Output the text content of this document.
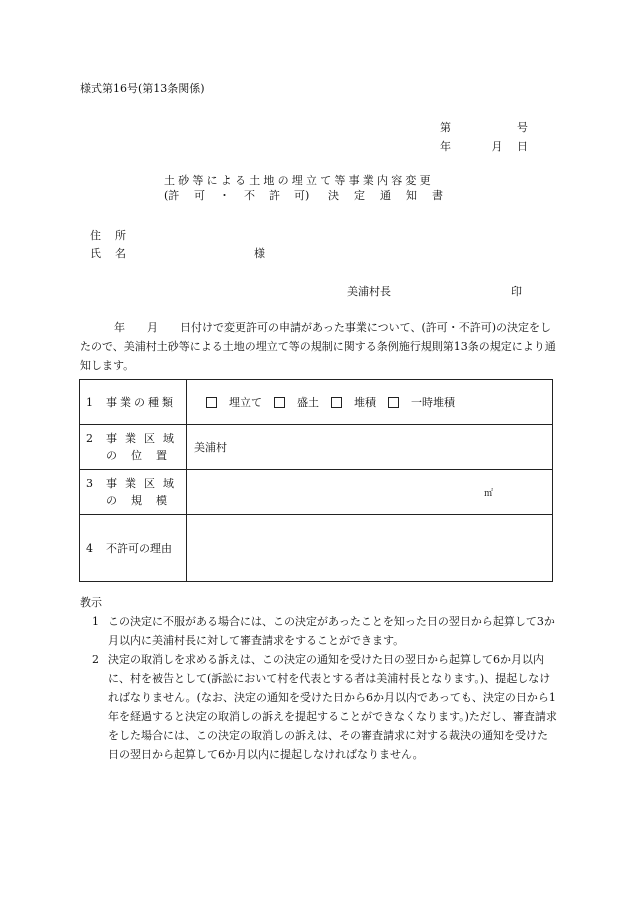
様式第16号(第13条関係)
第	号
年	月 日
土砂等による土地の埋立て等事業内容変更
(許 可 ・ 不 許 可) 決 定 通 知 書
住所
氏名	様
美浦村長	印
年 月 日付けで変更許可の申請があった事業について、(許可・不許可)の決定をしたので、美浦村土砂等による土地の埋立て等の規制に関する条例施行規則第13条の規定により通知します。
1 事業の種類	埋立て 盛土 堆積 一時堆積

2 事業区域
の位置	美浦村

3 事業区域
の規模	㎡

4 不許可の理由	

教示
1 この決定に不服がある場合には、この決定があったことを知った日の翌日から起算して3か月以内に美浦村長に対して審査請求をすることができます。
2 決定の取消しを求める訴えは、この決定の通知を受けた日の翌日から起算して6か月以内に、村を被告として(訴訟において村を代表とする者は美浦村長となります。)、提起しなければなりません。(なお、決定の通知を受けた日から6か月以内であっても、決定の日から1年を経過すると決定の取消しの訴えを提起することができなくなります。)ただし、審査請求をした場合には、この決定の取消しの訴えは、その審査請求に対する裁決の通知を受けた日の翌日から起算して6か月以内に提起しなければなりません。
